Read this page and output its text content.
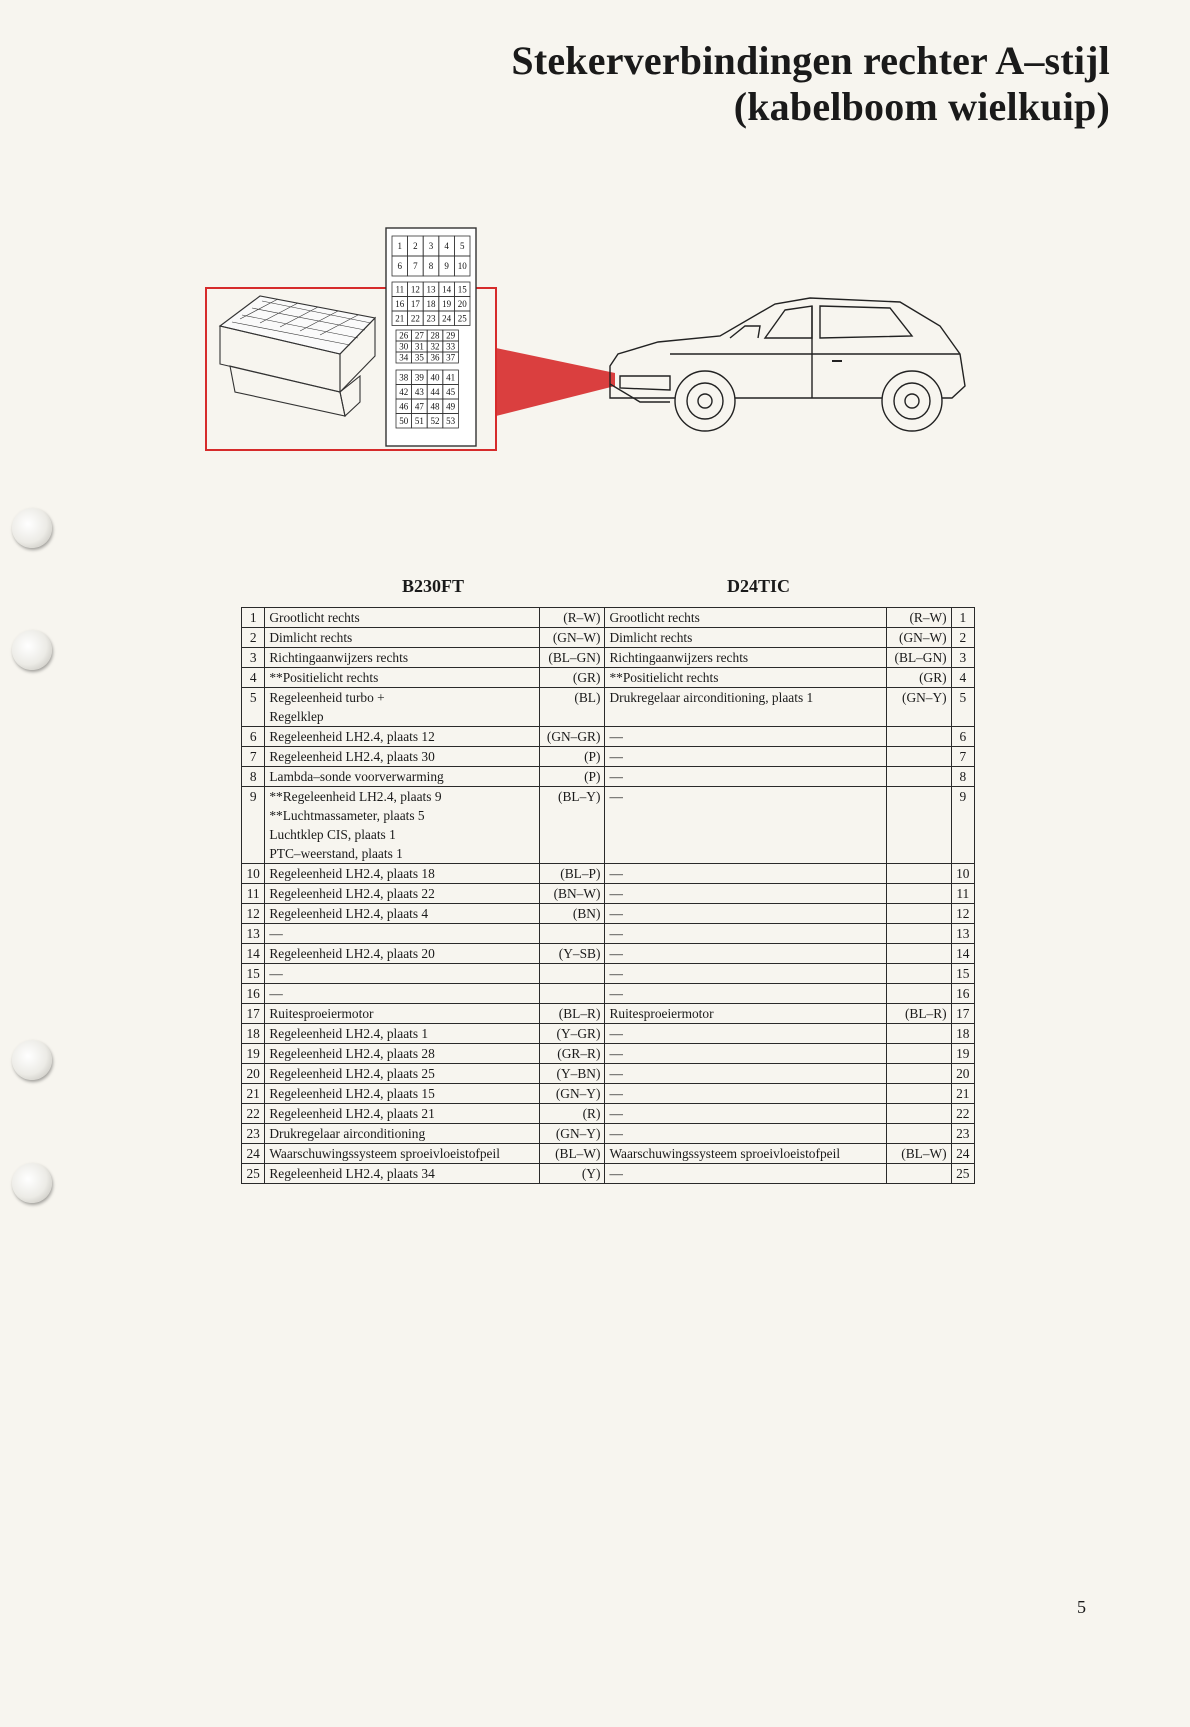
Stekerverbindingen rechter A–stijl
(kabelboom wielkuip)
1 2 3 4 5
6 7 8 9 10
11 12 13 14 15
16 17 18 19 20
21 22 23 24 25
26 27 28 29
30 31 32 33
34 35 36 37
38 39 40 41
42 43 44 45
46 47 48 49
50 51 52 53
B230FT	D24TIC
1	Grootlicht rechts	(R–W)	Grootlicht rechts	(R–W)	1
2	Dimlicht rechts	(GN–W)	Dimlicht rechts	(GN–W)	2
3	Richtingaanwijzers rechts	(BL–GN)	Richtingaanwijzers rechts	(BL–GN)	3
4	**Positielicht rechts	(GR)	**Positielicht rechts	(GR)	4
5	Regeleenheid turbo +
Regelklep	(BL)	Drukregelaar airconditioning, plaats 1	(GN–Y)	5
6	Regeleenheid LH2.4, plaats 12	(GN–GR)	—		6
7	Regeleenheid LH2.4, plaats 30	(P)	—		7
8	Lambda–sonde voorverwarming	(P)	—		8
9	**Regeleenheid LH2.4, plaats 9
**Luchtmassameter, plaats 5
Luchtklep CIS, plaats 1
PTC–weerstand, plaats 1	(BL–Y)	—		9
10	Regeleenheid LH2.4, plaats 18	(BL–P)	—		10
11	Regeleenheid LH2.4, plaats 22	(BN–W)	—		11
12	Regeleenheid LH2.4, plaats 4	(BN)	—		12
13	—		—		13
14	Regeleenheid LH2.4, plaats 20	(Y–SB)	—		14
15	—		—		15
16	—		—		16
17	Ruitesproeiermotor	(BL–R)	Ruitesproeiermotor	(BL–R)	17
18	Regeleenheid LH2.4, plaats 1	(Y–GR)	—		18
19	Regeleenheid LH2.4, plaats 28	(GR–R)	—		19
20	Regeleenheid LH2.4, plaats 25	(Y–BN)	—		20
21	Regeleenheid LH2.4, plaats 15	(GN–Y)	—		21
22	Regeleenheid LH2.4, plaats 21	(R)	—		22
23	Drukregelaar airconditioning	(GN–Y)	—		23
24	Waarschuwingssysteem sproeivloeistofpeil	(BL–W)	Waarschuwingssysteem sproeivloeistofpeil	(BL–W)	24
25	Regeleenheid LH2.4, plaats 34	(Y)	—		25
5
